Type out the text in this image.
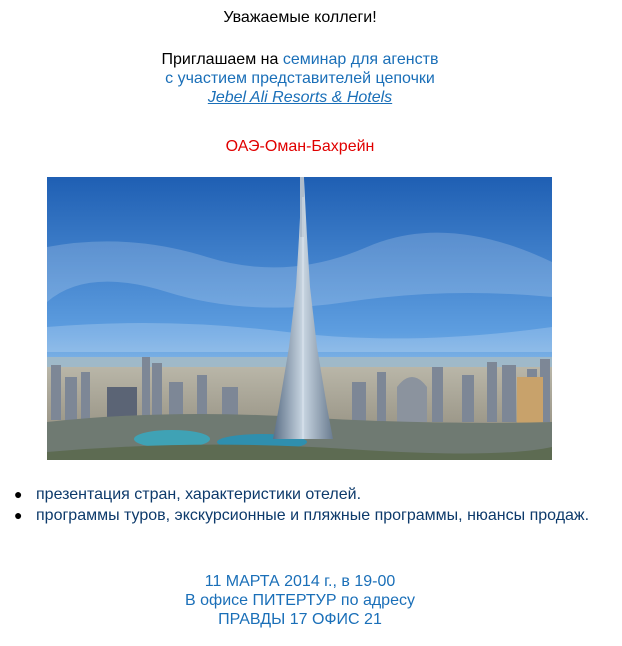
Уважаемые коллеги!
Приглашаем на семинар для агенств
с участием представителей цепочки
Jebel Ali Resorts & Hotels
ОАЭ-Оман-Бахрейн
● презентация стран, характеристики отелей.
● программы туров, экскурсионные и пляжные программы, нюансы продаж.
11 МАРТА 2014 г., в 19-00
В офисе ПИТЕРТУР по адресу
ПРАВДЫ 17 ОФИС 21
